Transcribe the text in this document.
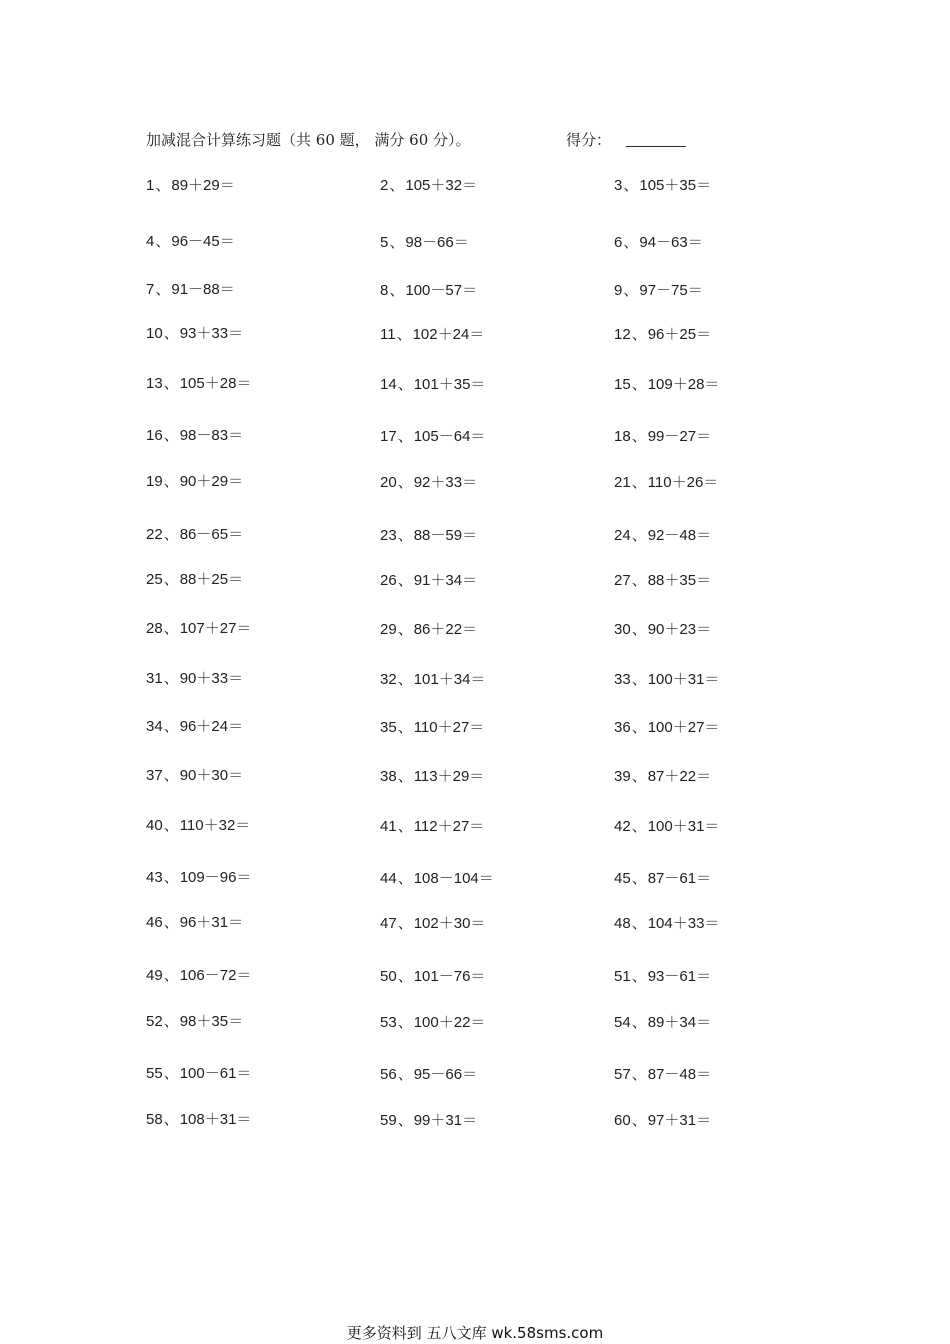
加减混合计算练习题（共 60 题， 满分 60 分）。	得分： ________
1、89＋29＝	2、105＋32＝	3、105＋35＝
4、96－45＝	5、98－66＝	6、94－63＝
7、91－88＝	8、100－57＝	9、97－75＝
10、93＋33＝	11、102＋24＝	12、96＋25＝
13、105＋28＝	14、101＋35＝	15、109＋28＝
16、98－83＝	17、105－64＝	18、99－27＝
19、90＋29＝	20、92＋33＝	21、110＋26＝
22、86－65＝	23、88－59＝	24、92－48＝
25、88＋25＝	26、91＋34＝	27、88＋35＝
28、107＋27＝	29、86＋22＝	30、90＋23＝
31、90＋33＝	32、101＋34＝	33、100＋31＝
34、96＋24＝	35、110＋27＝	36、100＋27＝
37、90＋30＝	38、113＋29＝	39、87＋22＝
40、110＋32＝	41、112＋27＝	42、100＋31＝
43、109－96＝	44、108－104＝	45、87－61＝
46、96＋31＝	47、102＋30＝	48、104＋33＝
49、106－72＝	50、101－76＝	51、93－61＝
52、98＋35＝	53、100＋22＝	54、89＋34＝
55、100－61＝	56、95－66＝	57、87－48＝
58、108＋31＝	59、99＋31＝	60、97＋31＝
更多资料到 五八文库 wk.58sms.com
